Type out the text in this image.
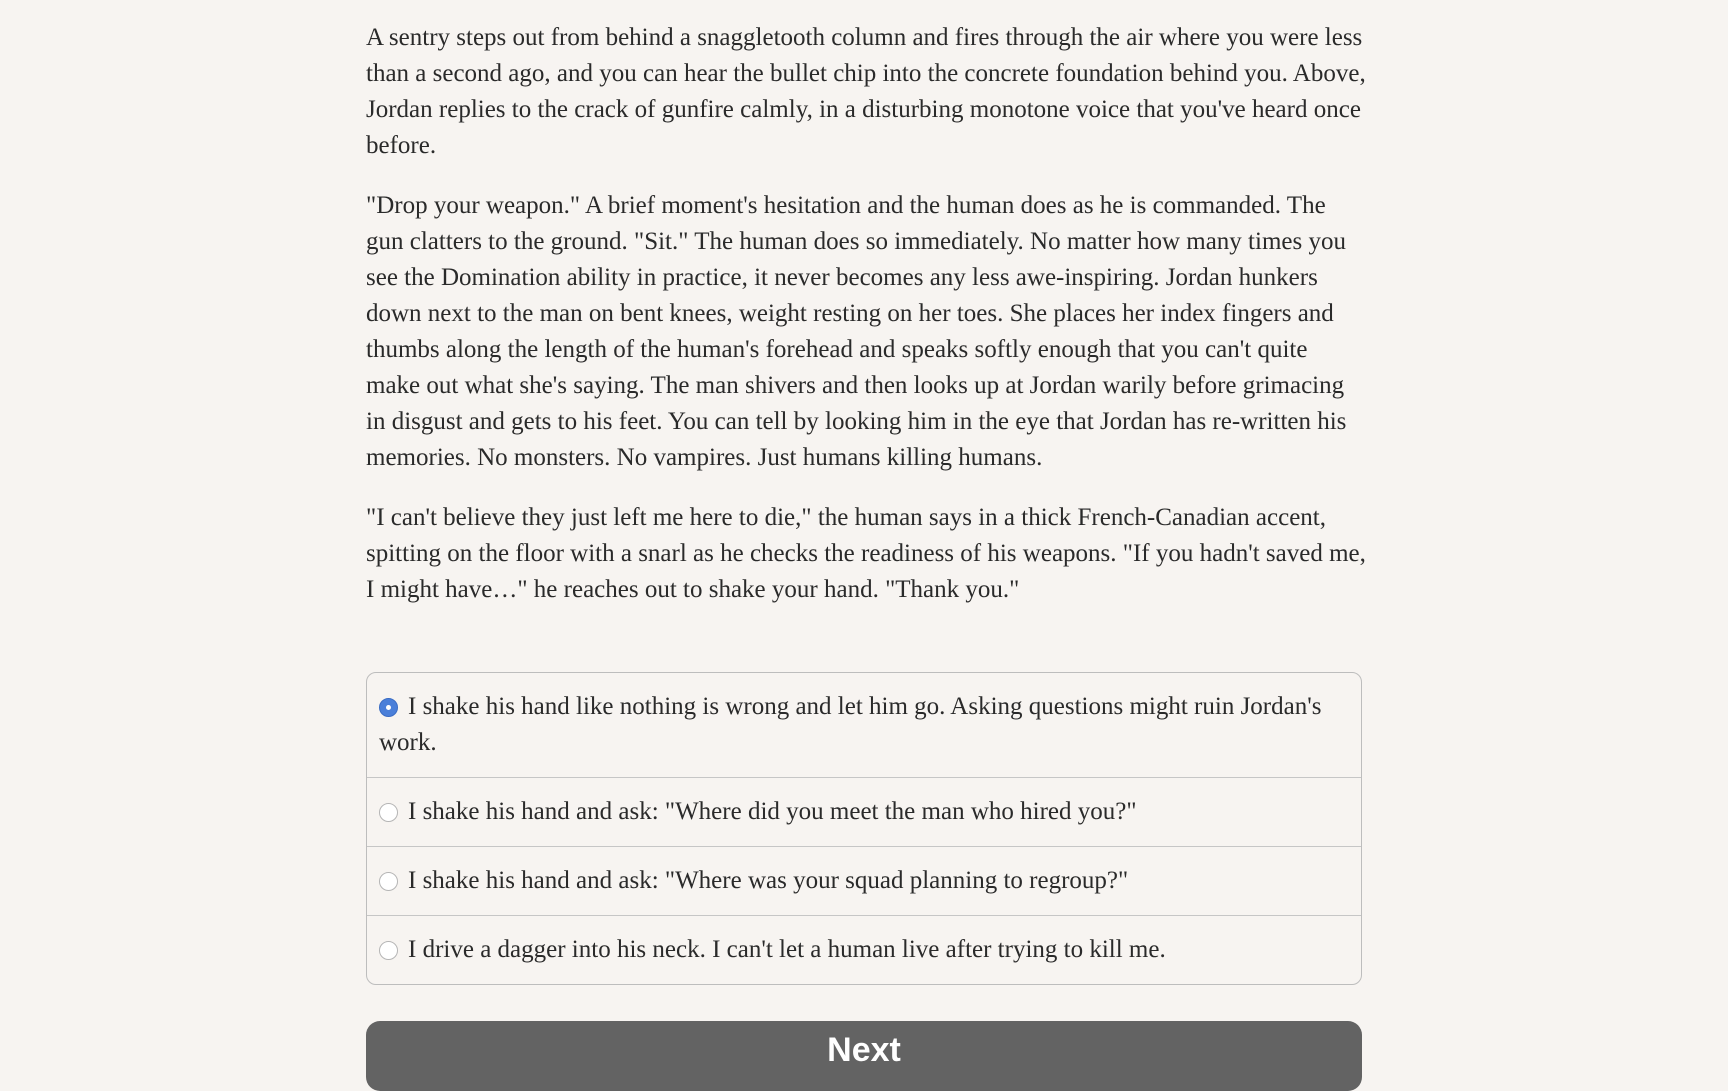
A sentry steps out from behind a snaggletooth column and fires through the air where you were less than a second ago, and you can hear the bullet chip into the concrete foundation behind you. Above, Jordan replies to the crack of gunfire calmly, in a disturbing monotone voice that you've heard once before.

"Drop your weapon." A brief moment's hesitation and the human does as he is commanded. The gun clatters to the ground. "Sit." The human does so immediately. No matter how many times you see the Domination ability in practice, it never becomes any less awe-inspiring. Jordan hunkers down next to the man on bent knees, weight resting on her toes. She places her index fingers and thumbs along the length of the human's forehead and speaks softly enough that you can't quite make out what she's saying. The man shivers and then looks up at Jordan warily before grimacing in disgust and gets to his feet. You can tell by looking him in the eye that Jordan has re-written his memories. No monsters. No vampires. Just humans killing humans.

"I can't believe they just left me here to die," the human says in a thick French-Canadian accent, spitting on the floor with a snarl as he checks the readiness of his weapons. "If you hadn't saved me, I might have…" he reaches out to shake your hand. "Thank you."

I shake his hand like nothing is wrong and let him go. Asking questions might ruin Jordan's work.
I shake his hand and ask: "Where did you meet the man who hired you?"
I shake his hand and ask: "Where was your squad planning to regroup?"
I drive a dagger into his neck. I can't let a human live after trying to kill me.
Next
